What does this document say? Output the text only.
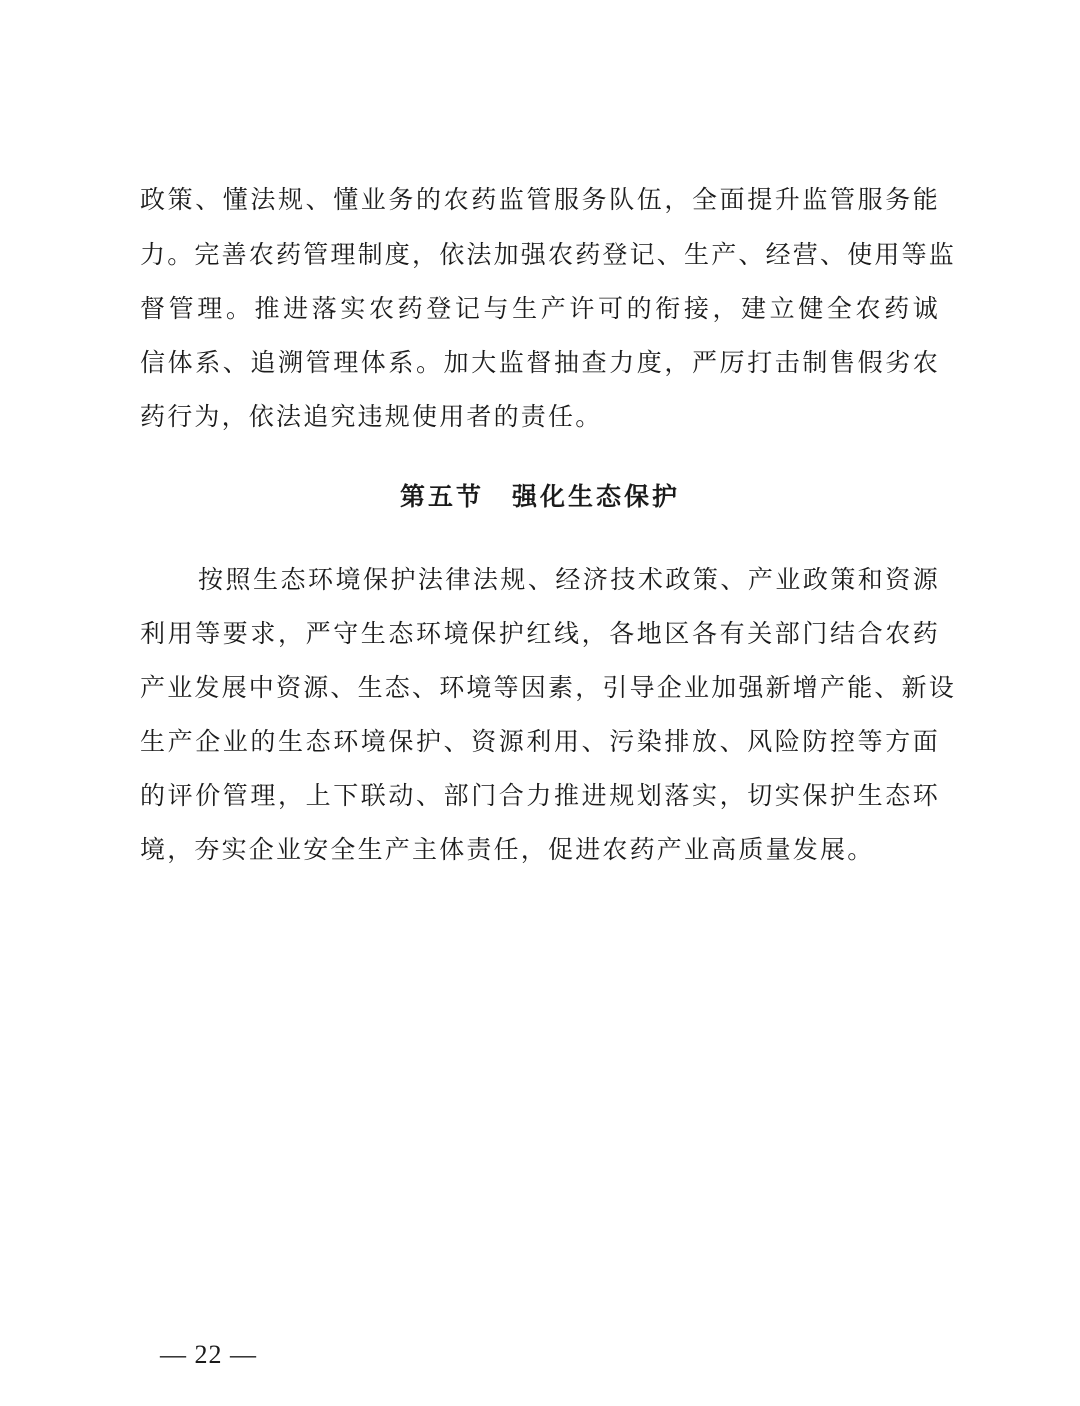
政策、懂法规、懂业务的农药监管服务队伍，全面提升监管服务能
力。完善农药管理制度，依法加强农药登记、生产、经营、使用等监
督管理。推进落实农药登记与生产许可的衔接，建立健全农药诚
信体系、追溯管理体系。加大监督抽查力度，严厉打击制售假劣农
药行为，依法追究违规使用者的责任。
第五节　强化生态保护
按照生态环境保护法律法规、经济技术政策、产业政策和资源
利用等要求，严守生态环境保护红线，各地区各有关部门结合农药
产业发展中资源、生态、环境等因素，引导企业加强新增产能、新设
生产企业的生态环境保护、资源利用、污染排放、风险防控等方面
的评价管理，上下联动、部门合力推进规划落实，切实保护生态环
境，夯实企业安全生产主体责任，促进农药产业高质量发展。
— 22 —
